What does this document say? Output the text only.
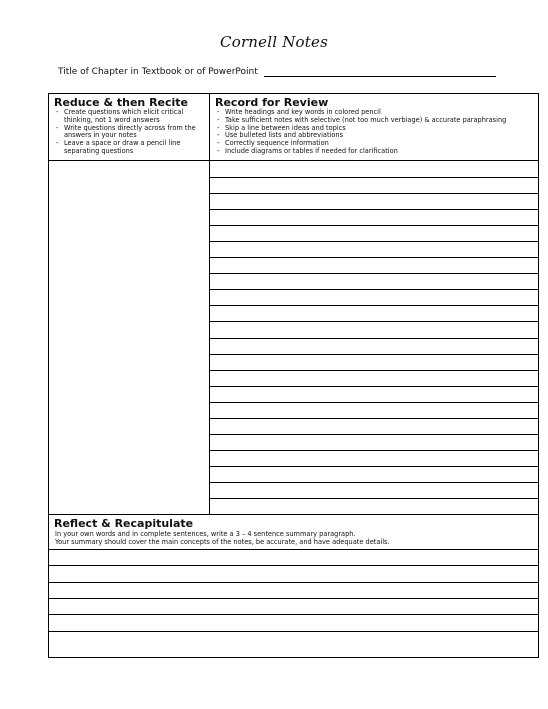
Cornell Notes
Title of Chapter in Textbook or of PowerPoint
Reduce & then Recite
- Create questions which elicit critical thinking, not 1 word answers
- Write questions directly across from the answers in your notes
- Leave a space or draw a pencil line separating questions
Record for Review
- Write headings and key words in colored pencil
- Take sufficient notes with selective (not too much verbiage) & accurate paraphrasing
- Skip a line between ideas and topics
- Use bulleted lists and abbreviations
- Correctly sequence information
- Include diagrams or tables if needed for clarification
Reflect & Recapitulate

In your own words and in complete sentences, write a 3 – 4 sentence summary paragraph.

Your summary should cover the main concepts of the notes, be accurate, and have adequate details.
